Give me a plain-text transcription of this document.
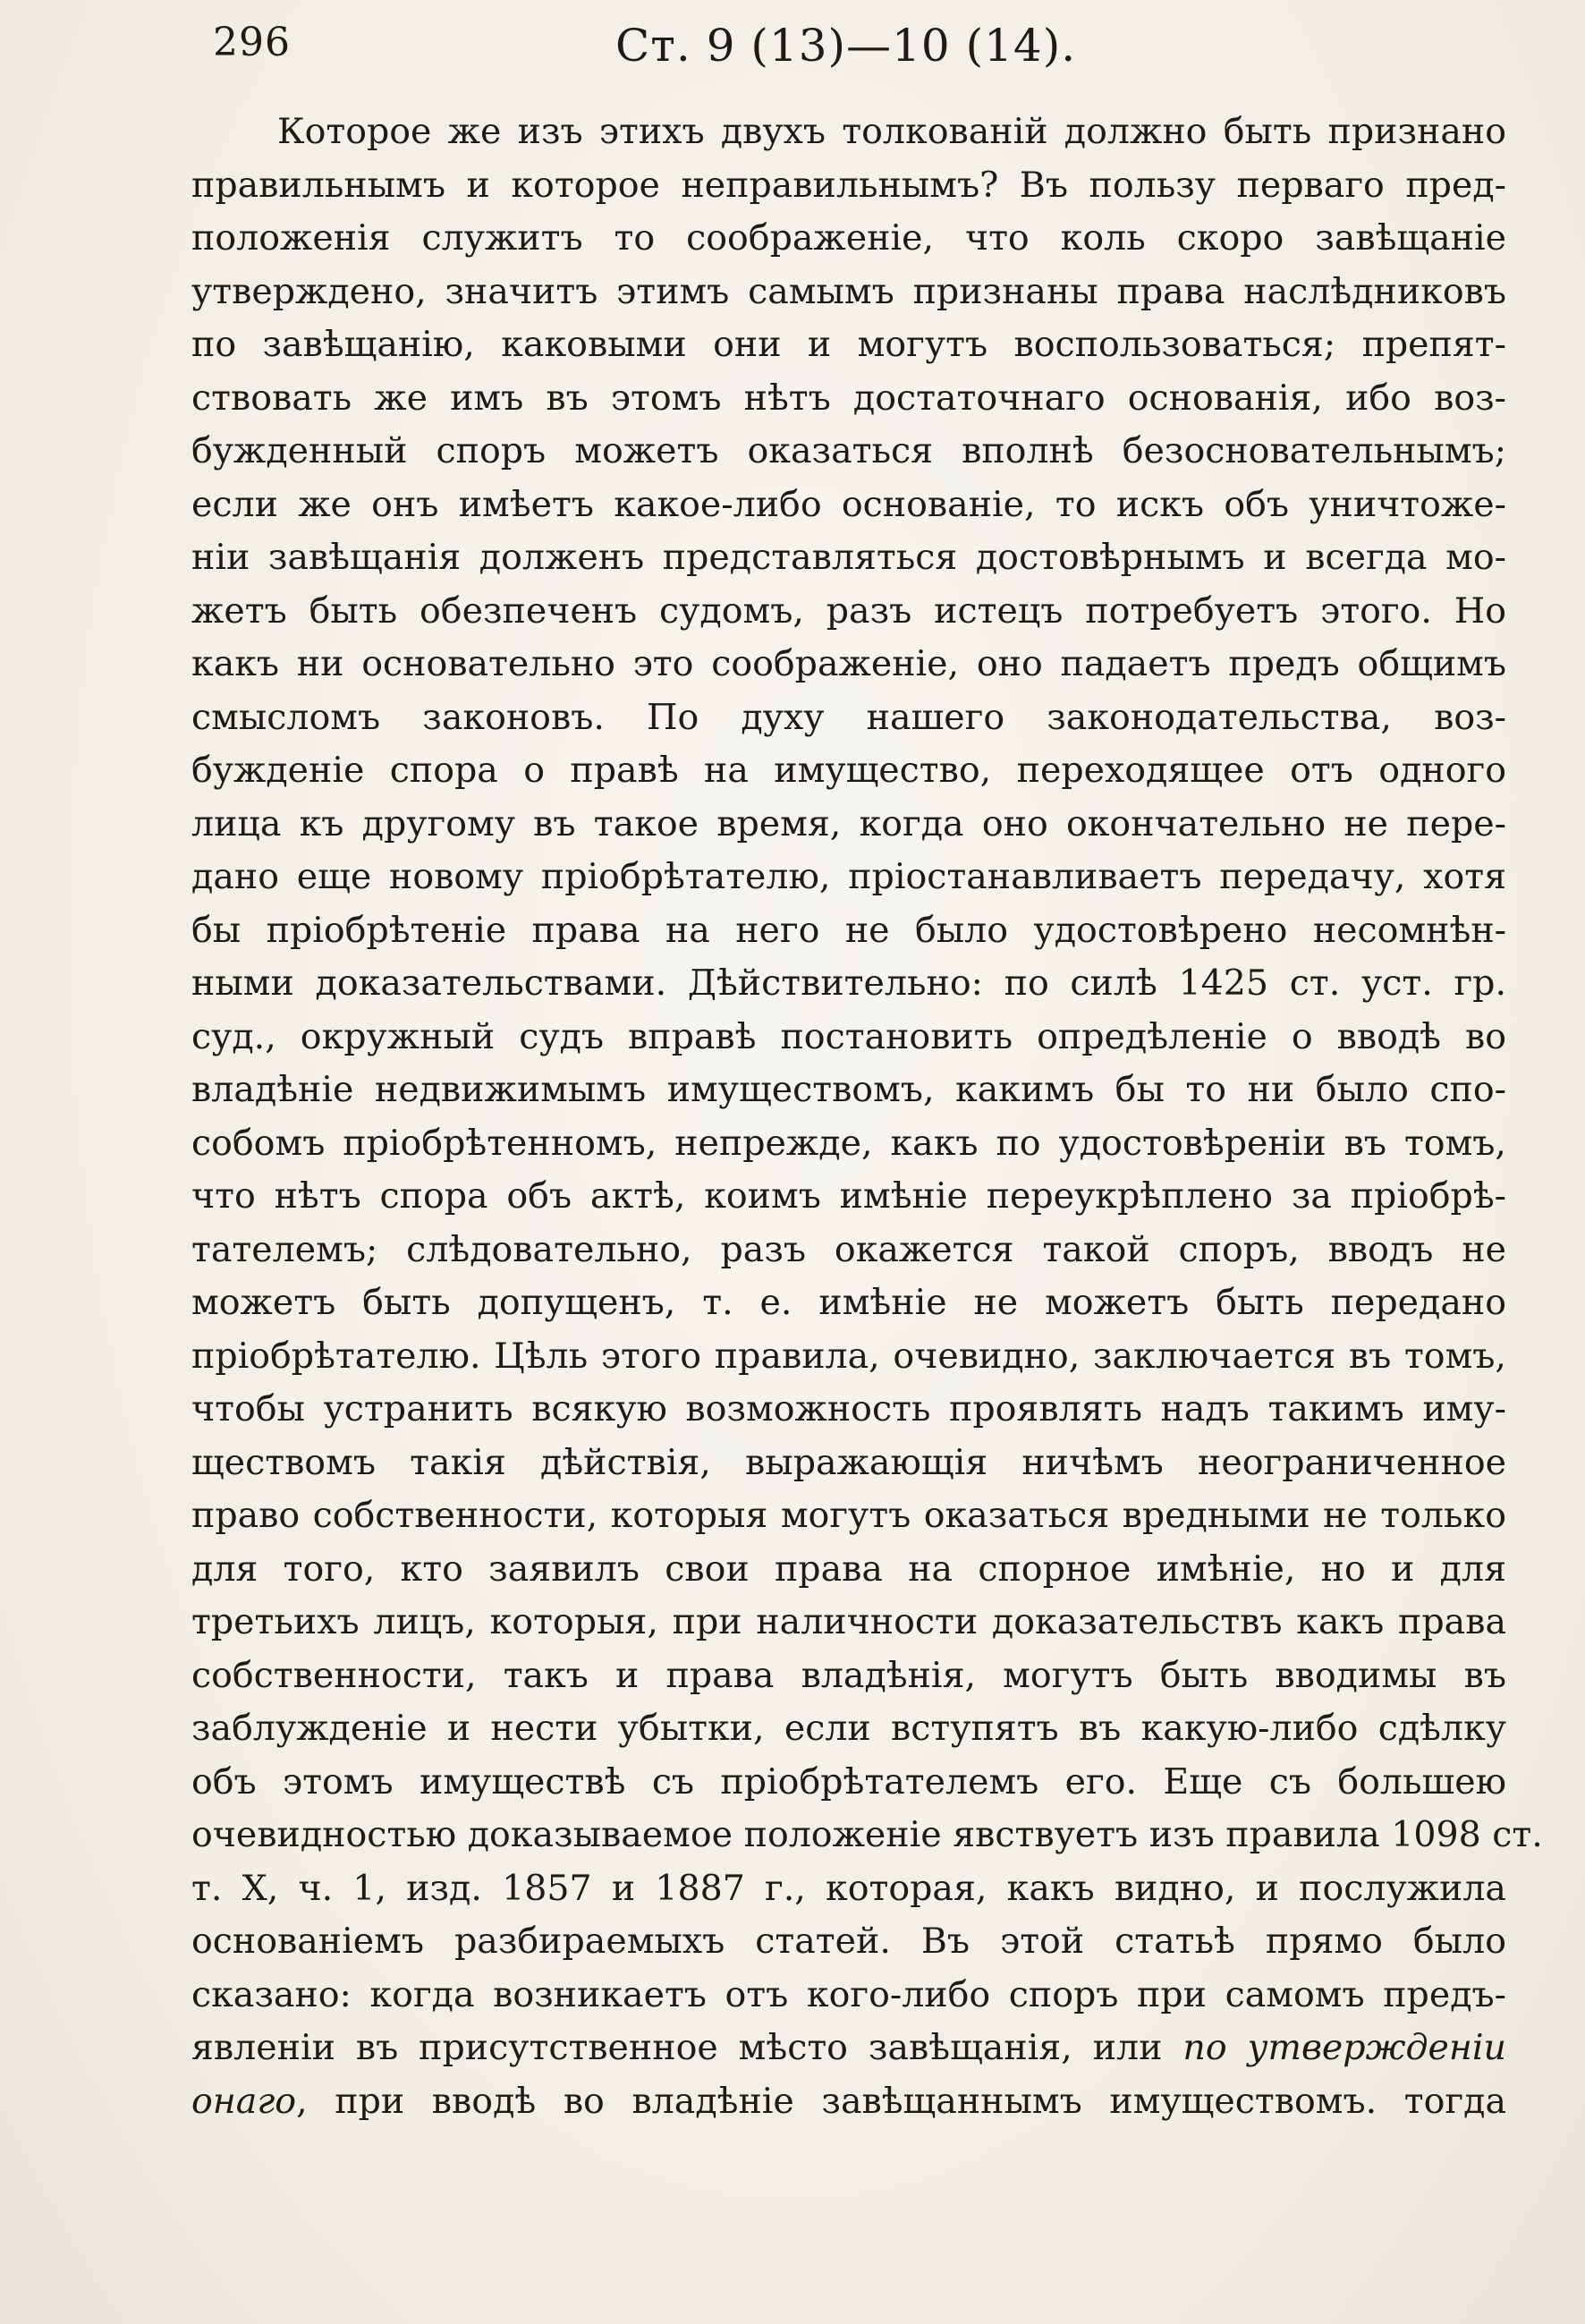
296	Ст. 9 (13)—10 (14).
Которое же изъ этихъ двухъ толкованій должно быть признано
правильнымъ и которое неправильнымъ? Въ пользу перваго пред-
положенія служитъ то соображеніе, что коль скоро завѣщаніе
утверждено, значитъ этимъ самымъ признаны права наслѣдниковъ
по завѣщанію, каковыми они и могутъ воспользоваться; препят-
ствовать же имъ въ этомъ нѣтъ достаточнаго основанія, ибо воз-
бужденный споръ можетъ оказаться вполнѣ безосновательнымъ;
если же онъ имѣетъ какое-либо основаніе, то искъ объ уничтоже-
ніи завѣщанія долженъ представляться достовѣрнымъ и всегда мо-
жетъ быть обезпеченъ судомъ, разъ истецъ потребуетъ этого. Но
какъ ни основательно это соображеніе, оно падаетъ предъ общимъ
смысломъ законовъ. По духу нашего законодательства, воз-
бужденіе спора о правѣ на имущество, переходящее отъ одного
лица къ другому въ такое время, когда оно окончательно не пере-
дано еще новому пріобрѣтателю, пріостанавливаетъ передачу, хотя
бы пріобрѣтеніе права на него не было удостовѣрено несомнѣн-
ными доказательствами. Дѣйствительно: по силѣ 1425 ст. уст. гр.
суд., окружный судъ вправѣ постановить опредѣленіе о вводѣ во
владѣніе недвижимымъ имуществомъ, какимъ бы то ни было спо-
собомъ пріобрѣтенномъ, непрежде, какъ по удостовѣреніи въ томъ,
что нѣтъ спора объ актѣ, коимъ имѣніе переукрѣплено за пріобрѣ-
тателемъ; слѣдовательно, разъ окажется такой споръ, вводъ не
можетъ быть допущенъ, т. е. имѣніе не можетъ быть передано
пріобрѣтателю. Цѣль этого правила, очевидно, заключается въ томъ,
чтобы устранить всякую возможность проявлять надъ такимъ иму-
ществомъ такія дѣйствія, выражающія ничѣмъ неограниченное
право собственности, которыя могутъ оказаться вредными не только
для того, кто заявилъ свои права на спорное имѣніе, но и для
третьихъ лицъ, которыя, при наличности доказательствъ какъ права
собственности, такъ и права владѣнія, могутъ быть вводимы въ
заблужденіе и нести убытки, если вступятъ въ какую-либо сдѣлку
объ этомъ имуществѣ съ пріобрѣтателемъ его. Еще съ большею
очевидностью доказываемое положеніе явствуетъ изъ правила 1098 ст.
т. X, ч. 1, изд. 1857 и 1887 г., которая, какъ видно, и послужила
основаніемъ разбираемыхъ статей. Въ этой статьѣ прямо было
сказано: когда возникаетъ отъ кого-либо споръ при самомъ предъ-
явленіи въ присутственное мѣсто завѣщанія, или по утвержденіи
онаго, при вводѣ во владѣніе завѣщаннымъ имуществомъ. тогда
